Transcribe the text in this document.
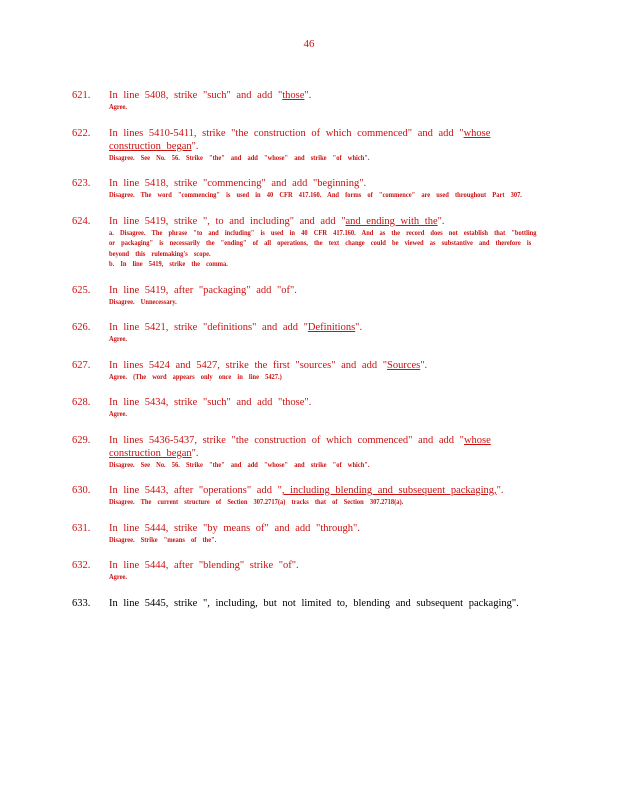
46
621. In line 5408, strike "such" and add "those".
Agree.
622. In lines 5410-5411, strike "the construction of which commenced" and add "whose construction began".
Disagree. See No. 56. Strike "the" and add "whose" and strike "of which".
623. In line 5418, strike "commencing" and add "beginning".
Disagree. The word "commencing" is used in 40 CFR 417.160. And forms of "commence" are used throughout Part 307.
624. In line 5419, strike ", to and including" and add "and ending with the".
a. Disagree. The phrase "to and including" is used in 40 CFR 417.160. And as the record does not establish that "bottling or packaging" is necessarily the "ending" of all operations, the text change could be viewed as substantive and therefore is beyond this rulemaking's scope.
b. In line 5419, strike the comma.
625. In line 5419, after "packaging" add "of".
Disagree. Unnecessary.
626. In line 5421, strike "definitions" and add "Definitions".
Agree.
627. In lines 5424 and 5427, strike the first "sources" and add "Sources".
Agree. (The word appears only once in line 5427.)
628. In line 5434, strike "such" and add "those".
Agree.
629. In lines 5436-5437, strike "the construction of which commenced" and add "whose construction began".
Disagree. See No. 56. Strike "the" and add "whose" and strike "of which".
630. In line 5443, after "operations" add ", including blending and subsequent packaging,".
Disagree. The current structure of Section 307.2717(a) tracks that of Section 307.2718(a).
631. In line 5444, strike "by means of" and add "through".
Disagree. Strike "means of the".
632. In line 5444, after "blending" strike "of".
Agree.
633. In line 5445, strike ", including, but not limited to, blending and subsequent packaging".
